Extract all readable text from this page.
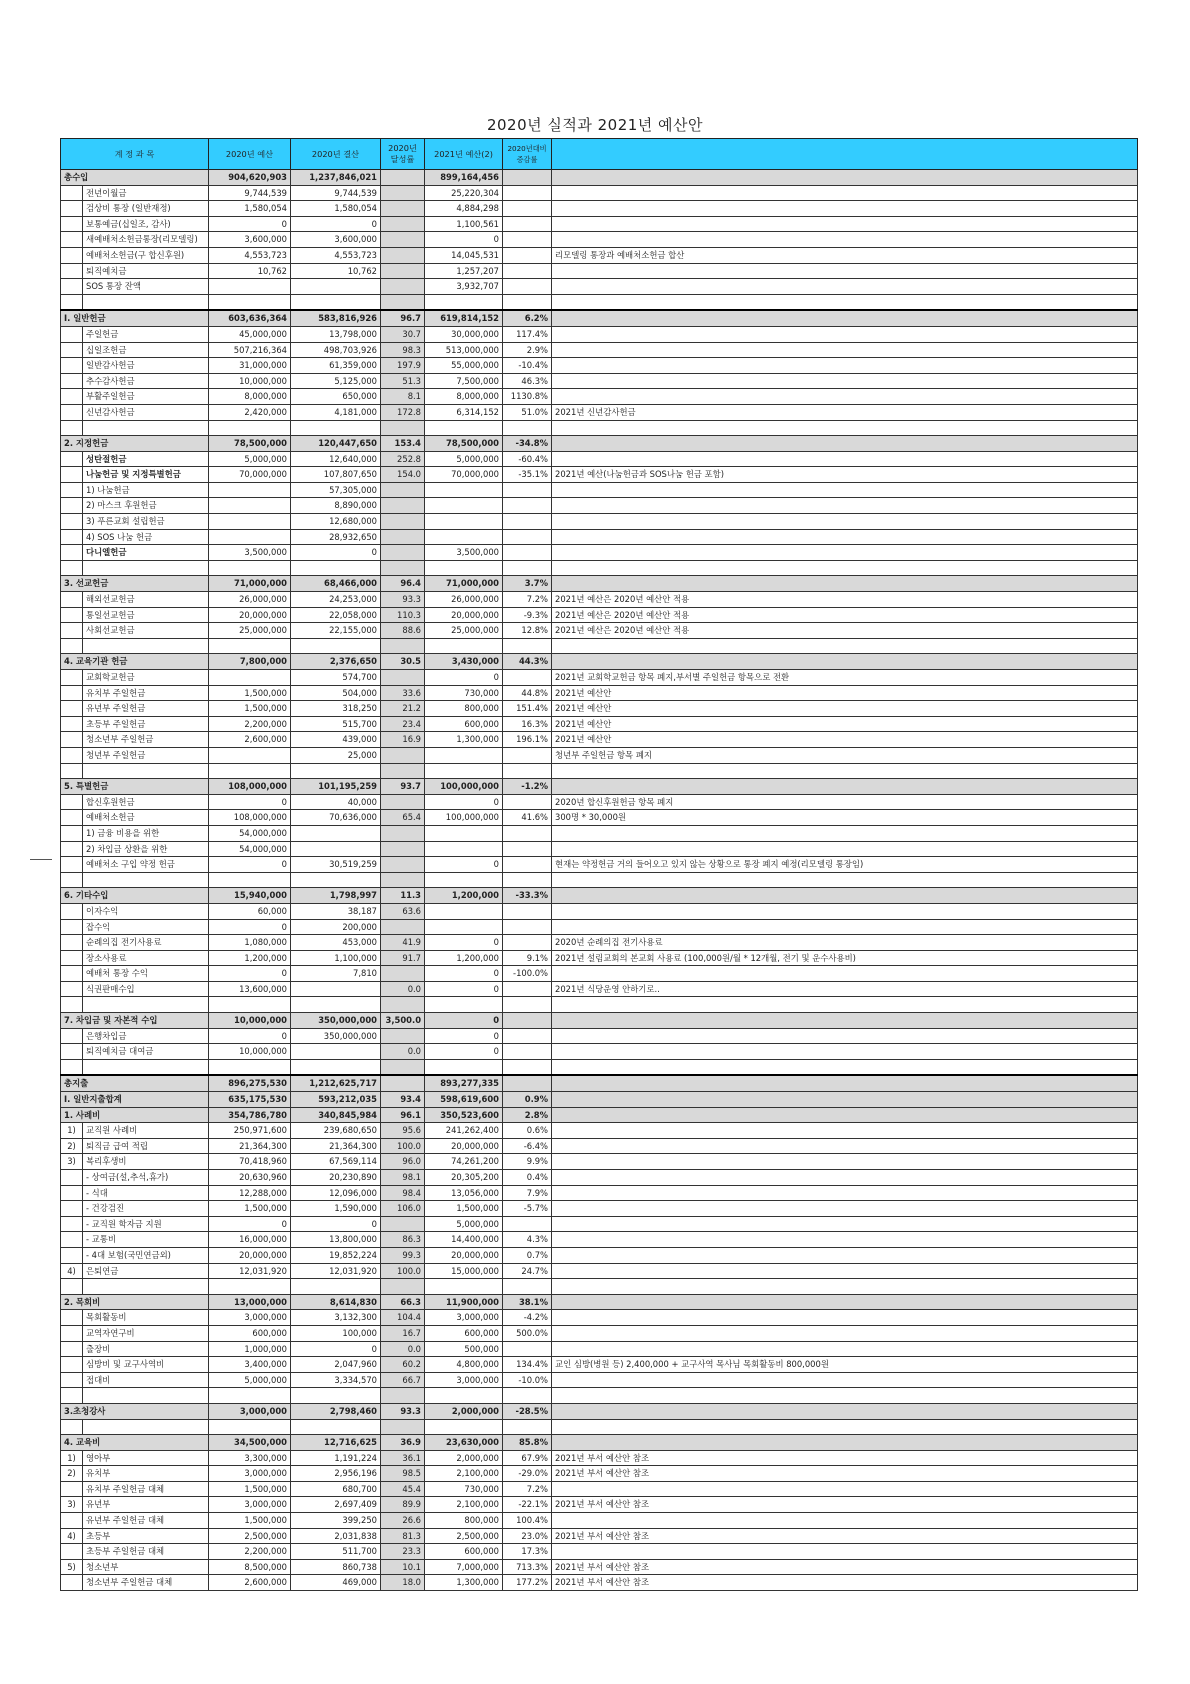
2020년 실적과 2021년 예산안
계 정 과 목		2020년 예산	2020년 결산	2020년
달성률	2021년 예산(2)	2020년대비
증감률	
총수입		904,620,903	1,237,846,021		899,164,456		
	전년이월금	9,744,539	9,744,539		25,220,304		
	검상비 통장 (일반재정)	1,580,054	1,580,054		4,884,298		
	보통예금(십일조, 감사)	0	0		1,100,561		
	새예배처소헌금통장(리모델링)	3,600,000	3,600,000		0		
	예배처소헌금(구 합신후원)	4,553,723	4,553,723		14,045,531		리모델링 통장과 예배처소헌금 합산
	퇴직예치금	10,762	10,762		1,257,207		
	SOS 통장 잔액				3,932,707		

I. 일반헌금		603,636,364	583,816,926	96.7	619,814,152	6.2%	
	주일헌금	45,000,000	13,798,000	30.7	30,000,000	117.4%	
	십일조헌금	507,216,364	498,703,926	98.3	513,000,000	2.9%	
	일반감사헌금	31,000,000	61,359,000	197.9	55,000,000	-10.4%	
	추수감사헌금	10,000,000	5,125,000	51.3	7,500,000	46.3%	
	부활주일헌금	8,000,000	650,000	8.1	8,000,000	1130.8%	
	신년감사헌금	2,420,000	4,181,000	172.8	6,314,152	51.0%	2021년 신년감사헌금

2. 지정헌금		78,500,000	120,447,650	153.4	78,500,000	-34.8%	
	성탄절헌금	5,000,000	12,640,000	252.8	5,000,000	-60.4%	
	나눔헌금 및 지정특별헌금	70,000,000	107,807,650	154.0	70,000,000	-35.1%	2021년 예산(나눔헌금과 SOS나눔 헌금 포함)
	1) 나눔헌금		57,305,000				
	2) 마스크 후원헌금		8,890,000				
	3) 푸른교회 설립헌금		12,680,000				
	4) SOS 나눔 헌금		28,932,650				
	다니엘헌금	3,500,000	0		3,500,000		

3. 선교헌금		71,000,000	68,466,000	96.4	71,000,000	3.7%	
	해외선교헌금	26,000,000	24,253,000	93.3	26,000,000	7.2%	2021년 예산은 2020년 예산안 적용
	통일선교헌금	20,000,000	22,058,000	110.3	20,000,000	-9.3%	2021년 예산은 2020년 예산안 적용
	사회선교헌금	25,000,000	22,155,000	88.6	25,000,000	12.8%	2021년 예산은 2020년 예산안 적용

4. 교육기관 헌금		7,800,000	2,376,650	30.5	3,430,000	44.3%	
	교회학교헌금		574,700		0		2021년 교회학교헌금 항목 폐지,부서별 주일헌금 항목으로 전환
	유치부 주일헌금	1,500,000	504,000	33.6	730,000	44.8%	2021년 예산안
	유년부 주일헌금	1,500,000	318,250	21.2	800,000	151.4%	2021년 예산안
	초등부 주일헌금	2,200,000	515,700	23.4	600,000	16.3%	2021년 예산안
	청소년부 주일헌금	2,600,000	439,000	16.9	1,300,000	196.1%	2021년 예산안
	청년부 주일헌금		25,000				청년부 주일헌금 항목 폐지

5. 특별헌금		108,000,000	101,195,259	93.7	100,000,000	-1.2%	
	합신후원헌금	0	40,000		0		2020년 합신후원헌금 항목 폐지
	예배처소헌금	108,000,000	70,636,000	65.4	100,000,000	41.6%	300명 * 30,000원
	1) 금융 비용을 위한	54,000,000					
	2) 차입금 상환을 위한	54,000,000					
	예배처소 구입 약정 헌금	0	30,519,259		0		현재는 약정헌금 거의 들어오고 있지 않는 상황으로 통장 폐지 예정(리모델링 통장임)

6. 기타수입		15,940,000	1,798,997	11.3	1,200,000	-33.3%	
	이자수익	60,000	38,187	63.6			
	잡수익	0	200,000				
	순례의집 전기사용료	1,080,000	453,000	41.9	0		2020년 순례의집 전기사용료
	장소사용료	1,200,000	1,100,000	91.7	1,200,000	9.1%	2021년 설림교회의 본교회 사용료 (100,000원/월 * 12개월, 전기 및 운수사용비)
	예배처 통장 수익	0	7,810		0	-100.0%	
	식권판매수입	13,600,000		0.0	0		2021년 식당운영 안하기로..

7. 차입금 및 자본적 수입		10,000,000	350,000,000	3,500.0	0		
	은행차입금	0	350,000,000		0		
	퇴직예치금 대여금	10,000,000		0.0	0		

총지출		896,275,530	1,212,625,717		893,277,335		
Ⅰ. 일반지출합계		635,175,530	593,212,035	93.4	598,619,600	0.9%	
1. 사례비		354,786,780	340,845,984	96.1	350,523,600	2.8%	
1)	교직원 사례비	250,971,600	239,680,650	95.6	241,262,400	0.6%	
2)	퇴직금 급여 적립	21,364,300	21,364,300	100.0	20,000,000	-6.4%	
3)	복리후생비	70,418,960	67,569,114	96.0	74,261,200	9.9%	
	- 상여금(설,추석,휴가)	20,630,960	20,230,890	98.1	20,305,200	0.4%	
	- 식대	12,288,000	12,096,000	98.4	13,056,000	7.9%	
	- 건강검진	1,500,000	1,590,000	106.0	1,500,000	-5.7%	
	- 교직원 학자금 지원	0	0		5,000,000		
	- 교통비	16,000,000	13,800,000	86.3	14,400,000	4.3%	
	- 4대 보험(국민연금외)	20,000,000	19,852,224	99.3	20,000,000	0.7%	
4)	은퇴연금	12,031,920	12,031,920	100.0	15,000,000	24.7%	

2. 목회비		13,000,000	8,614,830	66.3	11,900,000	38.1%	
	목회활동비	3,000,000	3,132,300	104.4	3,000,000	-4.2%	
	교역자연구비	600,000	100,000	16.7	600,000	500.0%	
	출장비	1,000,000	0	0.0	500,000		
	심방비 및 교구사역비	3,400,000	2,047,960	60.2	4,800,000	134.4%	교인 심방(병원 등) 2,400,000 + 교구사역 목사님 목회활동비 800,000원
	접대비	5,000,000	3,334,570	66.7	3,000,000	-10.0%	

3.초청강사		3,000,000	2,798,460	93.3	2,000,000	-28.5%	

4. 교육비		34,500,000	12,716,625	36.9	23,630,000	85.8%	
1)	영아부	3,300,000	1,191,224	36.1	2,000,000	67.9%	2021년 부서 예산안 참조
2)	유치부	3,000,000	2,956,196	98.5	2,100,000	-29.0%	2021년 부서 예산안 참조
	유치부 주일헌금 대체	1,500,000	680,700	45.4	730,000	7.2%	
3)	유년부	3,000,000	2,697,409	89.9	2,100,000	-22.1%	2021년 부서 예산안 참조
	유년부 주일헌금 대체	1,500,000	399,250	26.6	800,000	100.4%	
4)	초등부	2,500,000	2,031,838	81.3	2,500,000	23.0%	2021년 부서 예산안 참조
	초등부 주일헌금 대체	2,200,000	511,700	23.3	600,000	17.3%	
5)	청소년부	8,500,000	860,738	10.1	7,000,000	713.3%	2021년 부서 예산안 참조
	청소년부 주일헌금 대체	2,600,000	469,000	18.0	1,300,000	177.2%	2021년 부서 예산안 참조
